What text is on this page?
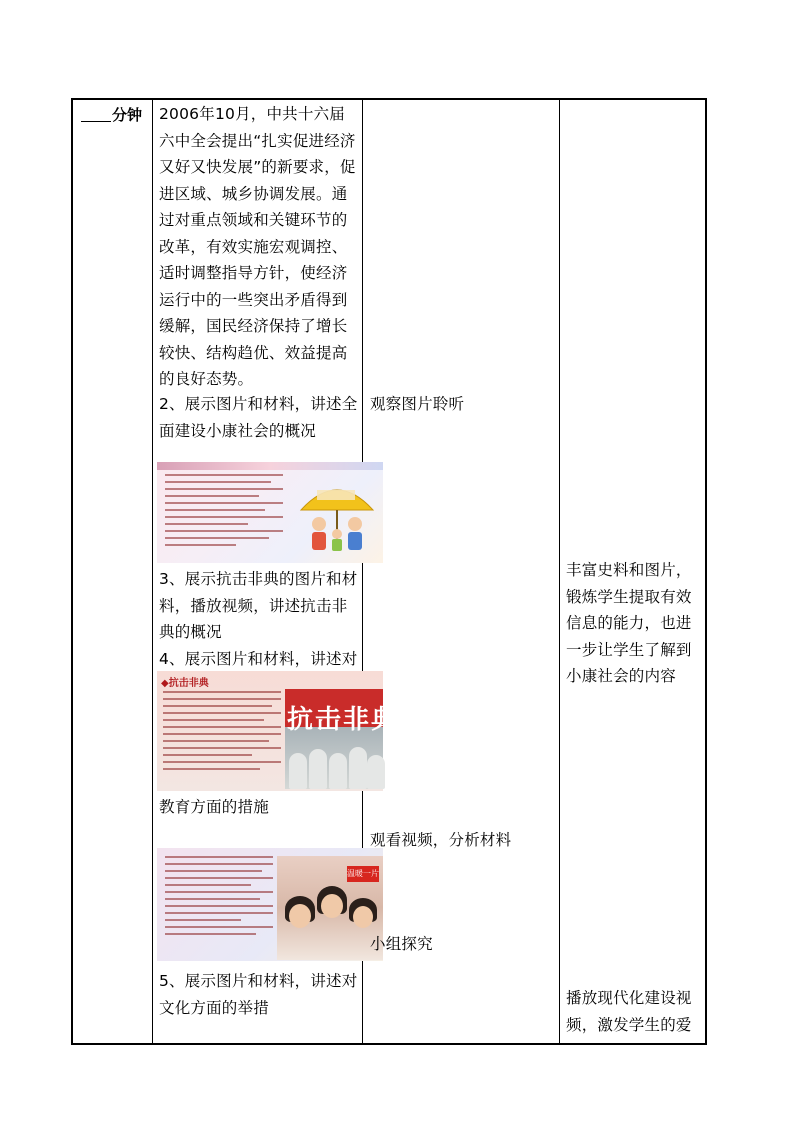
分钟 2006年10月，中共十六届六中全会提出“扎实促进经济又好又快发展”的新要求，促进区域、城乡协调发展。通过对重点领域和关键环节的改革，有效实施宏观调控、适时调整指导方针，使经济运行中的一些突出矛盾得到缓解，国民经济保持了增长较快、结构趋优、效益提高的良好态势。
2、展示图片和材料，讲述全面建设小康社会的概况
3、展示抗击非典的图片和材料，播放视频，讲述抗击非典的概况
4、展示图片和材料，讲述对
◆抗击非典
抗击非典
教育方面的措施
温暖一片
5、展示图片和材料，讲述对文化方面的举措
观察图片聆听
观看视频，分析材料
小组探究
丰富史料和图片，锻炼学生提取有效信息的能力，也进一步让学生了解到小康社会的内容
播放现代化建设视频，激发学生的爱
